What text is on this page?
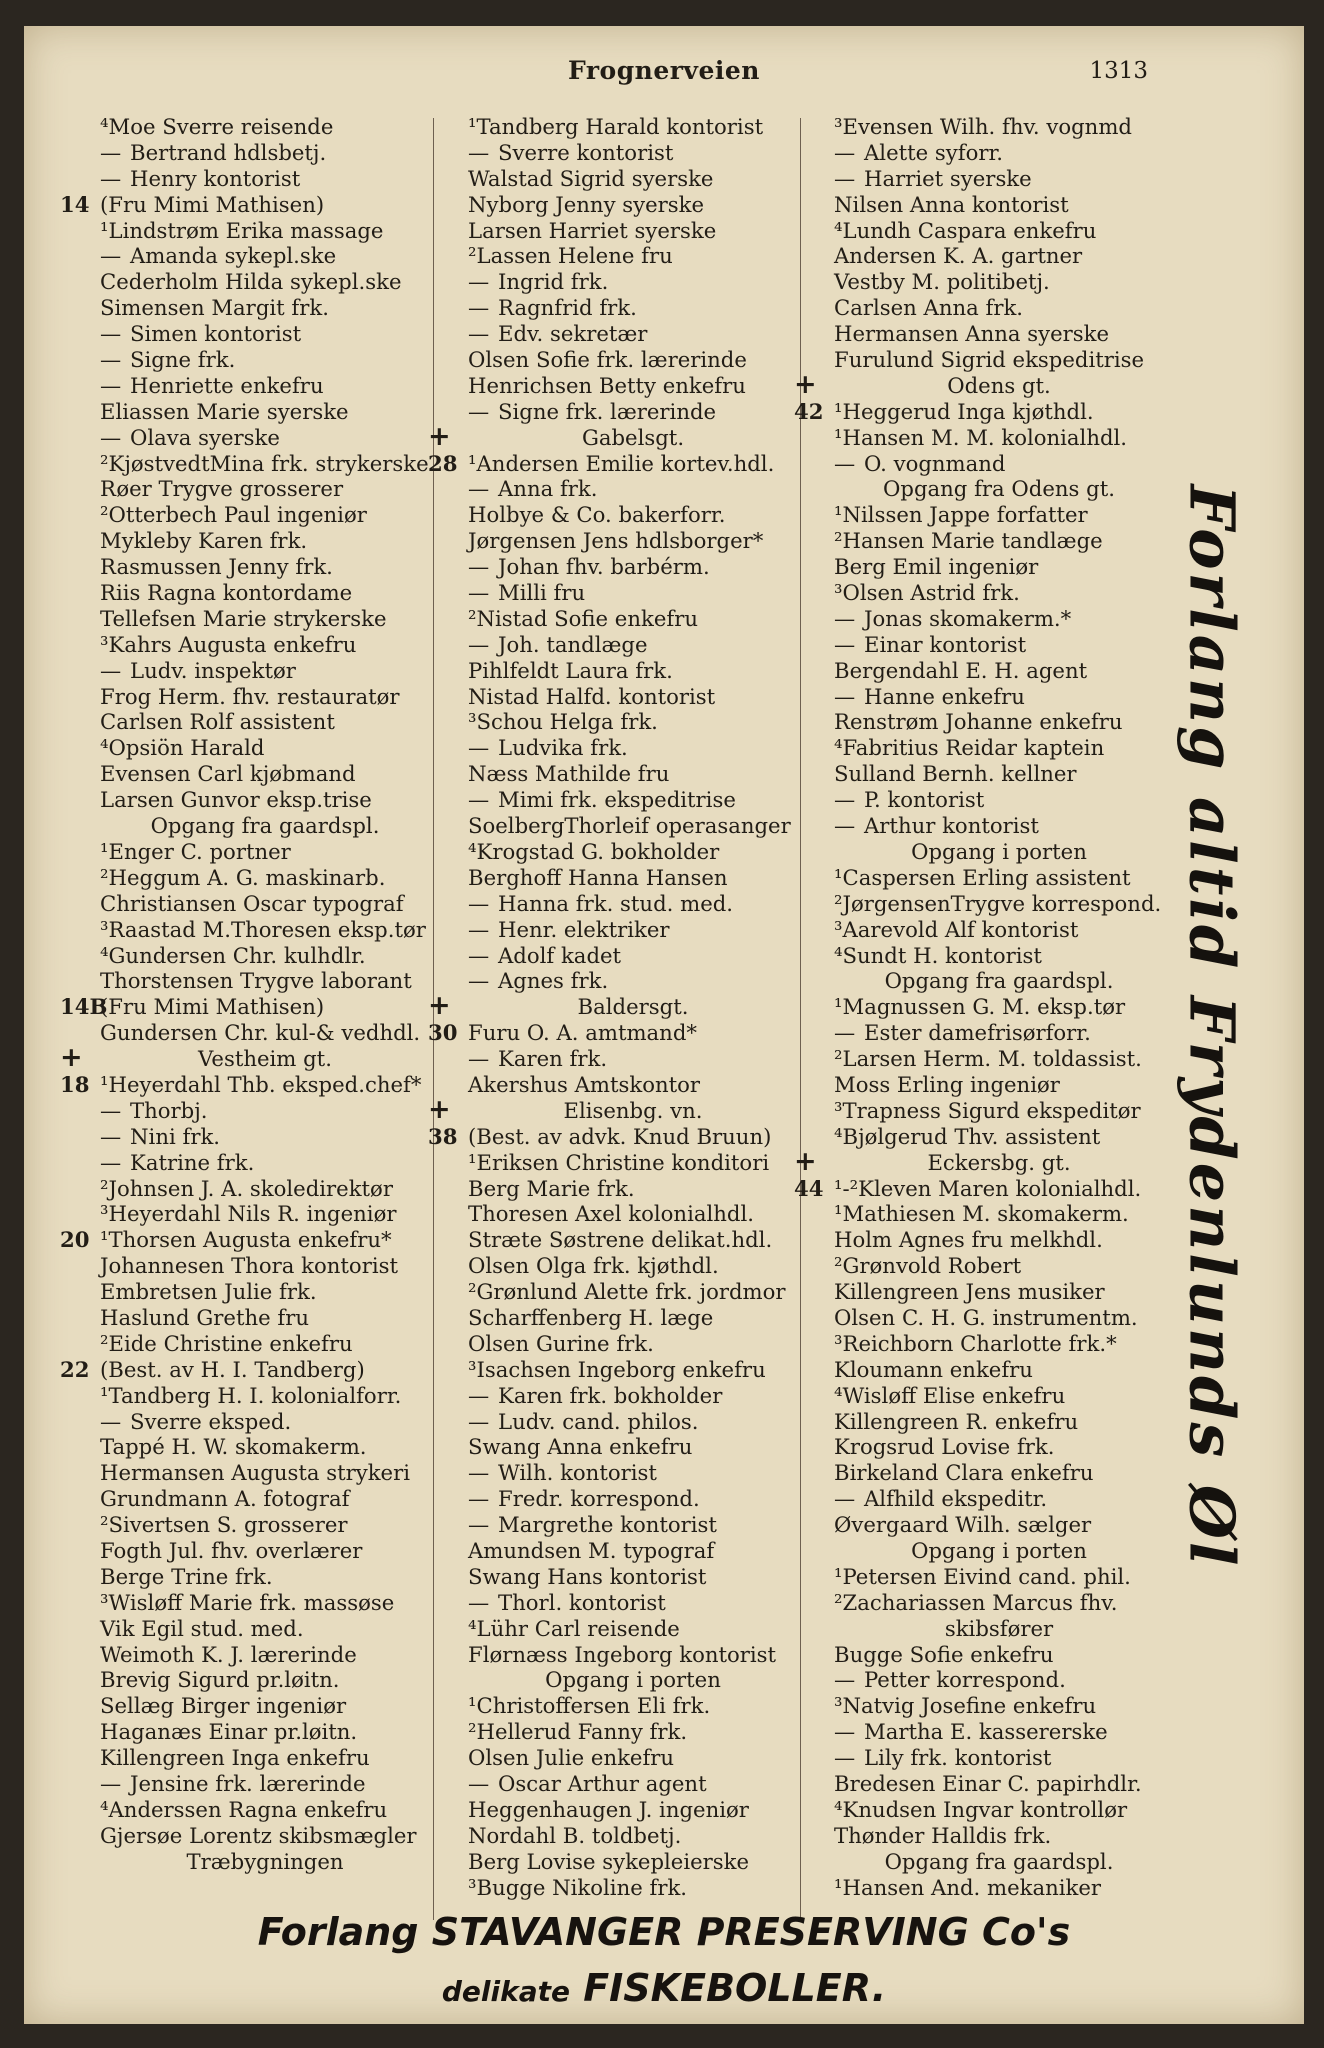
Frognerveien	1313
⁴Moe Sverre reisende
— Bertrand hdlsbetj.
— Henry kontorist
14 (Fru Mimi Mathisen)
¹Lindstrøm Erika massage
— Amanda sykepl.ske
Cederholm Hilda sykepl.ske
Simensen Margit frk.
— Simen kontorist
— Signe frk.
— Henriette enkefru
Eliassen Marie syerske
— Olava syerske
²KjøstvedtMina frk. strykerske
Røer Trygve grosserer
²Otterbech Paul ingeniør
Mykleby Karen frk.
Rasmussen Jenny frk.
Riis Ragna kontordame
Tellefsen Marie strykerske
³Kahrs Augusta enkefru
— Ludv. inspektør
Frog Herm. fhv. restauratør
Carlsen Rolf assistent
⁴Opsiön Harald
Evensen Carl kjøbmand
Larsen Gunvor eksp.trise
Opgang fra gaardspl.
¹Enger C. portner
²Heggum A. G. maskinarb.
Christiansen Oscar typograf
³Raastad M.Thoresen eksp.tør
⁴Gundersen Chr. kulhdlr.
Thorstensen Trygve laborant
14B(Fru Mimi Mathisen)
Gundersen Chr. kul-& vedhdl.
+	Vestheim gt.
18 ¹Heyerdahl Thb. eksped.chef*
— Thorbj.
— Nini frk.
— Katrine frk.
²Johnsen J. A. skoledirektør
³Heyerdahl Nils R. ingeniør
20 ¹Thorsen Augusta enkefru*
Johannesen Thora kontorist
Embretsen Julie frk.
Haslund Grethe fru
²Eide Christine enkefru
22 (Best. av H. I. Tandberg)
¹Tandberg H. I. kolonialforr.
— Sverre eksped.
Tappé H. W. skomakerm.
Hermansen Augusta strykeri
Grundmann A. fotograf
²Sivertsen S. grosserer
Fogth Jul. fhv. overlærer
Berge Trine frk.
³Wisløff Marie frk. massøse
Vik Egil stud. med.
Weimoth K. J. lærerinde
Brevig Sigurd pr.løitn.
Sellæg Birger ingeniør
Haganæs Einar pr.løitn.
Killengreen Inga enkefru
— Jensine frk. lærerinde
⁴Anderssen Ragna enkefru
Gjersøe Lorentz skibsmægler
Træbygningen
¹Tandberg Harald kontorist
— Sverre kontorist
Walstad Sigrid syerske
Nyborg Jenny syerske
Larsen Harriet syerske
²Lassen Helene fru
— Ingrid frk.
— Ragnfrid frk.
— Edv. sekretær
Olsen Sofie frk. lærerinde
Henrichsen Betty enkefru
— Signe frk. lærerinde
+	Gabelsgt.
28 ¹Andersen Emilie kortev.hdl.
— Anna frk.
Holbye & Co. bakerforr.
Jørgensen Jens hdlsborger*
— Johan fhv. barbérm.
— Milli fru
²Nistad Sofie enkefru
— Joh. tandlæge
Pihlfeldt Laura frk.
Nistad Halfd. kontorist
³Schou Helga frk.
— Ludvika frk.
Næss Mathilde fru
— Mimi frk. ekspeditrise
SoelbergThorleif operasanger
⁴Krogstad G. bokholder
Berghoff Hanna Hansen
— Hanna frk. stud. med.
— Henr. elektriker
— Adolf kadet
— Agnes frk.
+	Baldersgt.
30 Furu O. A. amtmand*
— Karen frk.
Akershus Amtskontor
+	Elisenbg. vn.
38 (Best. av advk. Knud Bruun)
¹Eriksen Christine konditori
Berg Marie frk.
Thoresen Axel kolonialhdl.
Stræte Søstrene delikat.hdl.
Olsen Olga frk. kjøthdl.
²Grønlund Alette frk. jordmor
Scharffenberg H. læge
Olsen Gurine frk.
³Isachsen Ingeborg enkefru
— Karen frk. bokholder
— Ludv. cand. philos.
Swang Anna enkefru
— Wilh. kontorist
— Fredr. korrespond.
— Margrethe kontorist
Amundsen M. typograf
Swang Hans kontorist
— Thorl. kontorist
⁴Lühr Carl reisende
Flørnæss Ingeborg kontorist
Opgang i porten
¹Christoffersen Eli frk.
²Hellerud Fanny frk.
Olsen Julie enkefru
— Oscar Arthur agent
Heggenhaugen J. ingeniør
Nordahl B. toldbetj.
Berg Lovise sykepleierske
³Bugge Nikoline frk.
³Evensen Wilh. fhv. vognmd
— Alette syforr.
— Harriet syerske
Nilsen Anna kontorist
⁴Lundh Caspara enkefru
Andersen K. A. gartner
Vestby M. politibetj.
Carlsen Anna frk.
Hermansen Anna syerske
Furulund Sigrid ekspeditrise
+	Odens gt.
42 ¹Heggerud Inga kjøthdl.
¹Hansen M. M. kolonialhdl.
— O. vognmand
Opgang fra Odens gt.
¹Nilssen Jappe forfatter
²Hansen Marie tandlæge
Berg Emil ingeniør
³Olsen Astrid frk.
— Jonas skomakerm.*
— Einar kontorist
Bergendahl E. H. agent
— Hanne enkefru
Renstrøm Johanne enkefru
⁴Fabritius Reidar kaptein
Sulland Bernh. kellner
— P. kontorist
— Arthur kontorist
Opgang i porten
¹Caspersen Erling assistent
²JørgensenTrygve korrespond.
³Aarevold Alf kontorist
⁴Sundt H. kontorist
Opgang fra gaardspl.
¹Magnussen G. M. eksp.tør
— Ester damefrisørforr.
²Larsen Herm. M. toldassist.
Moss Erling ingeniør
³Trapness Sigurd ekspeditør
⁴Bjølgerud Thv. assistent
+	Eckersbg. gt.
44 ¹-²Kleven Maren kolonialhdl.
¹Mathiesen M. skomakerm.
Holm Agnes fru melkhdl.
²Grønvold Robert
Killengreen Jens musiker
Olsen C. H. G. instrumentm.
³Reichborn Charlotte frk.*
Kloumann enkefru
⁴Wisløff Elise enkefru
Killengreen R. enkefru
Krogsrud Lovise frk.
Birkeland Clara enkefru
— Alfhild ekspeditr.
Øvergaard Wilh. sælger
Opgang i porten
¹Petersen Eivind cand. phil.
²Zachariassen Marcus fhv.
skibsfører
Bugge Sofie enkefru
— Petter korrespond.
³Natvig Josefine enkefru
— Martha E. kassererske
— Lily frk. kontorist
Bredesen Einar C. papirhdlr.
⁴Knudsen Ingvar kontrollør
Thønder Halldis frk.
Opgang fra gaardspl.
¹Hansen And. mekaniker
Forlang altid Frydenlunds Øl
Forlang STAVANGER PRESERVING Co's
delikate FISKEBOLLER.
